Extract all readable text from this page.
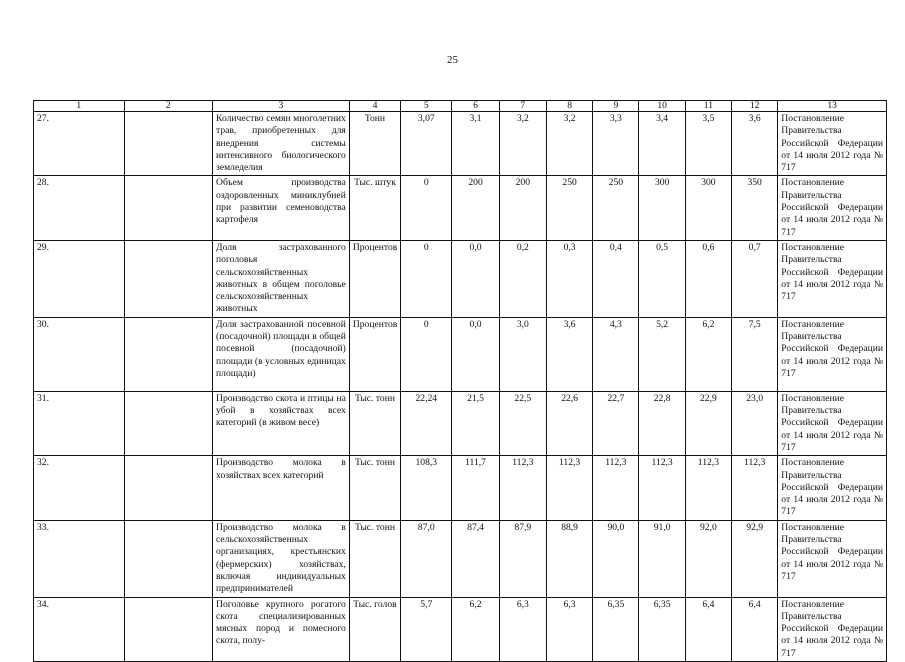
25
1	2	3	4	5	6	7	8	9	10	11	12	13
27.		Количество семян многолетних трав, приобретенных для внедрения системы интенсивного биологического земледелия	Тонн	3,07	3,1	3,2	3,2	3,3	3,4	3,5	3,6	Постановление Правительства Российской Федерации от 14 июля 2012 года № 717
28.		Объем производства оздоровленных миниклубней при развитии семеноводства картофеля	Тыс. штук	0	200	200	250	250	300	300	350	Постановление Правительства Российской Федерации от 14 июля 2012 года № 717
29.		Доля застрахованного поголовья сельскохозяйственных животных в общем поголовье сельскохозяйственных животных	Процентов	0	0,0	0,2	0,3	0,4	0,5	0,6	0,7	Постановление Правительства Российской Федерации от 14 июля 2012 года № 717
30.		Доля застрахованной посевной (посадочной) площади в общей посевной (посадочной) площади (в условных единицах площади)	Процентов	0	0,0	3,0	3,6	4,3	5,2	6,2	7,5	Постановление Правительства Российской Федерации от 14 июля 2012 года № 717
31.		Производство скота и птицы на убой в хозяйствах всех категорий (в живом весе)	Тыс. тонн	22,24	21,5	22,5	22,6	22,7	22,8	22,9	23,0	Постановление Правительства Российской Федерации от 14 июля 2012 года № 717
32.		Производство молока в хозяйствах всех категорий	Тыс. тонн	108,3	111,7	112,3	112,3	112,3	112,3	112,3	112,3	Постановление Правительства Российской Федерации от 14 июля 2012 года № 717
33.		Производство молока в сельскохозяйственных организациях, крестьянских (фермерских) хозяйствах, включая индивидуальных предпринимателей	Тыс. тонн	87,0	87,4	87,9	88,9	90,0	91,0	92,0	92,9	Постановление Правительства Российской Федерации от 14 июля 2012 года № 717
34.		Поголовье крупного рогатого скота специализированных мясных пород и помесного скота, полу-	Тыс. голов	5,7	6,2	6,3	6,3	6,35	6,35	6,4	6,4	Постановление Правительства Российской Федерации от 14 июля 2012 года № 717
